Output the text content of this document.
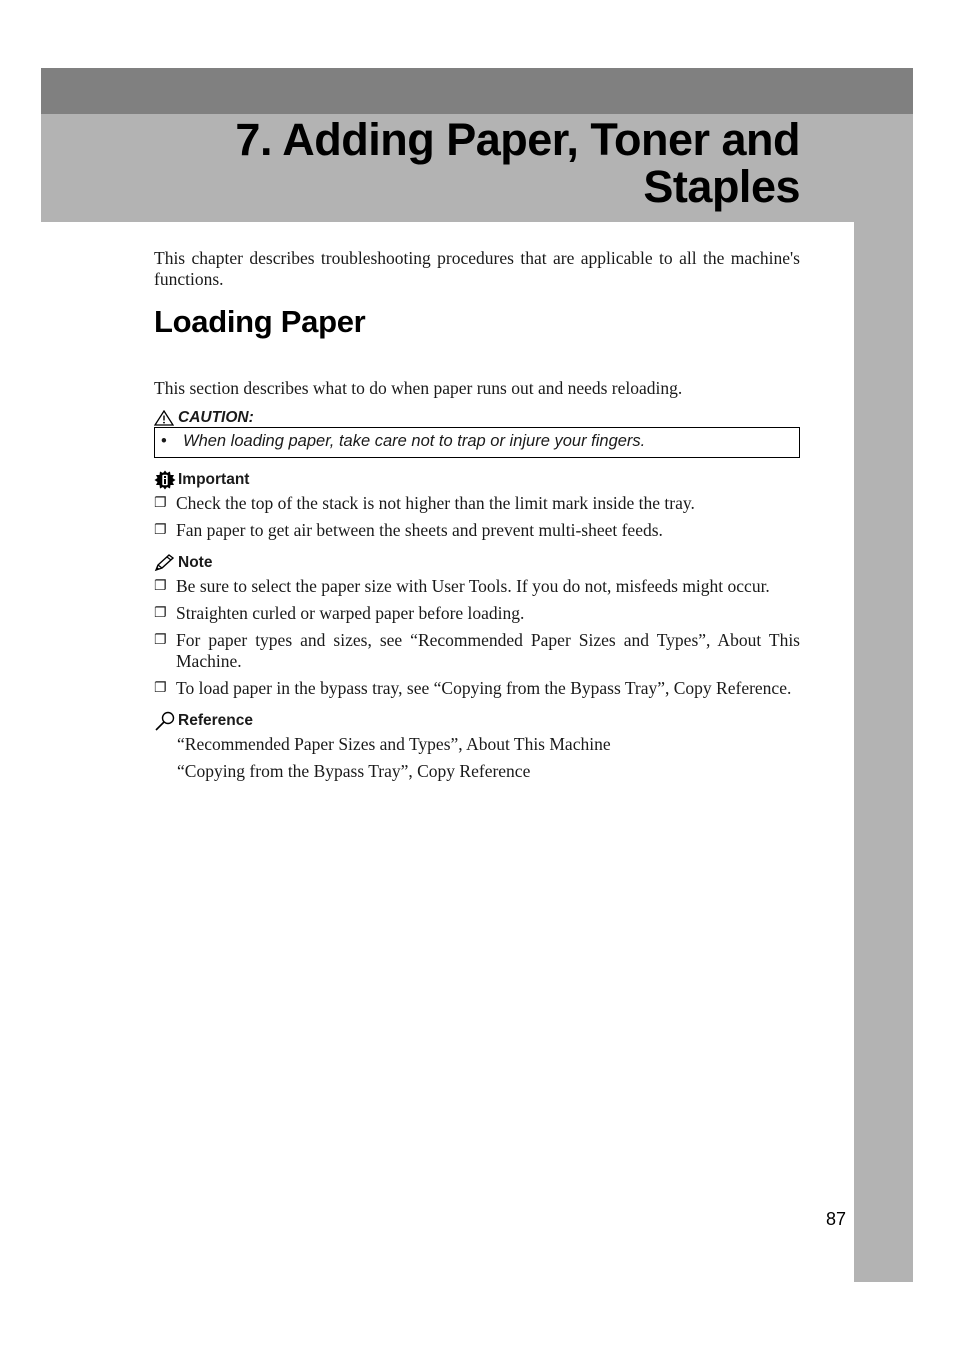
7. Adding Paper, Toner and
Staples

This chapter describes troubleshooting procedures that are applicable to all the machine's functions.

Loading Paper

This section describes what to do when paper runs out and needs reloading.

CAUTION:
• When loading paper, take care not to trap or injure your fingers.
Important
❐ Check the top of the stack is not higher than the limit mark inside the tray.
❐ Fan paper to get air between the sheets and prevent multi-sheet feeds.
Note
❐ Be sure to select the paper size with User Tools. If you do not, misfeeds might occur.
❐ Straighten curled or warped paper before loading.
❐ For paper types and sizes, see “Recommended Paper Sizes and Types”, About This Machine.
❐ To load paper in the bypass tray, see “Copying from the Bypass Tray”, Copy Reference.
Reference

“Recommended Paper Sizes and Types”, About This Machine

“Copying from the Bypass Tray”, Copy Reference

87
